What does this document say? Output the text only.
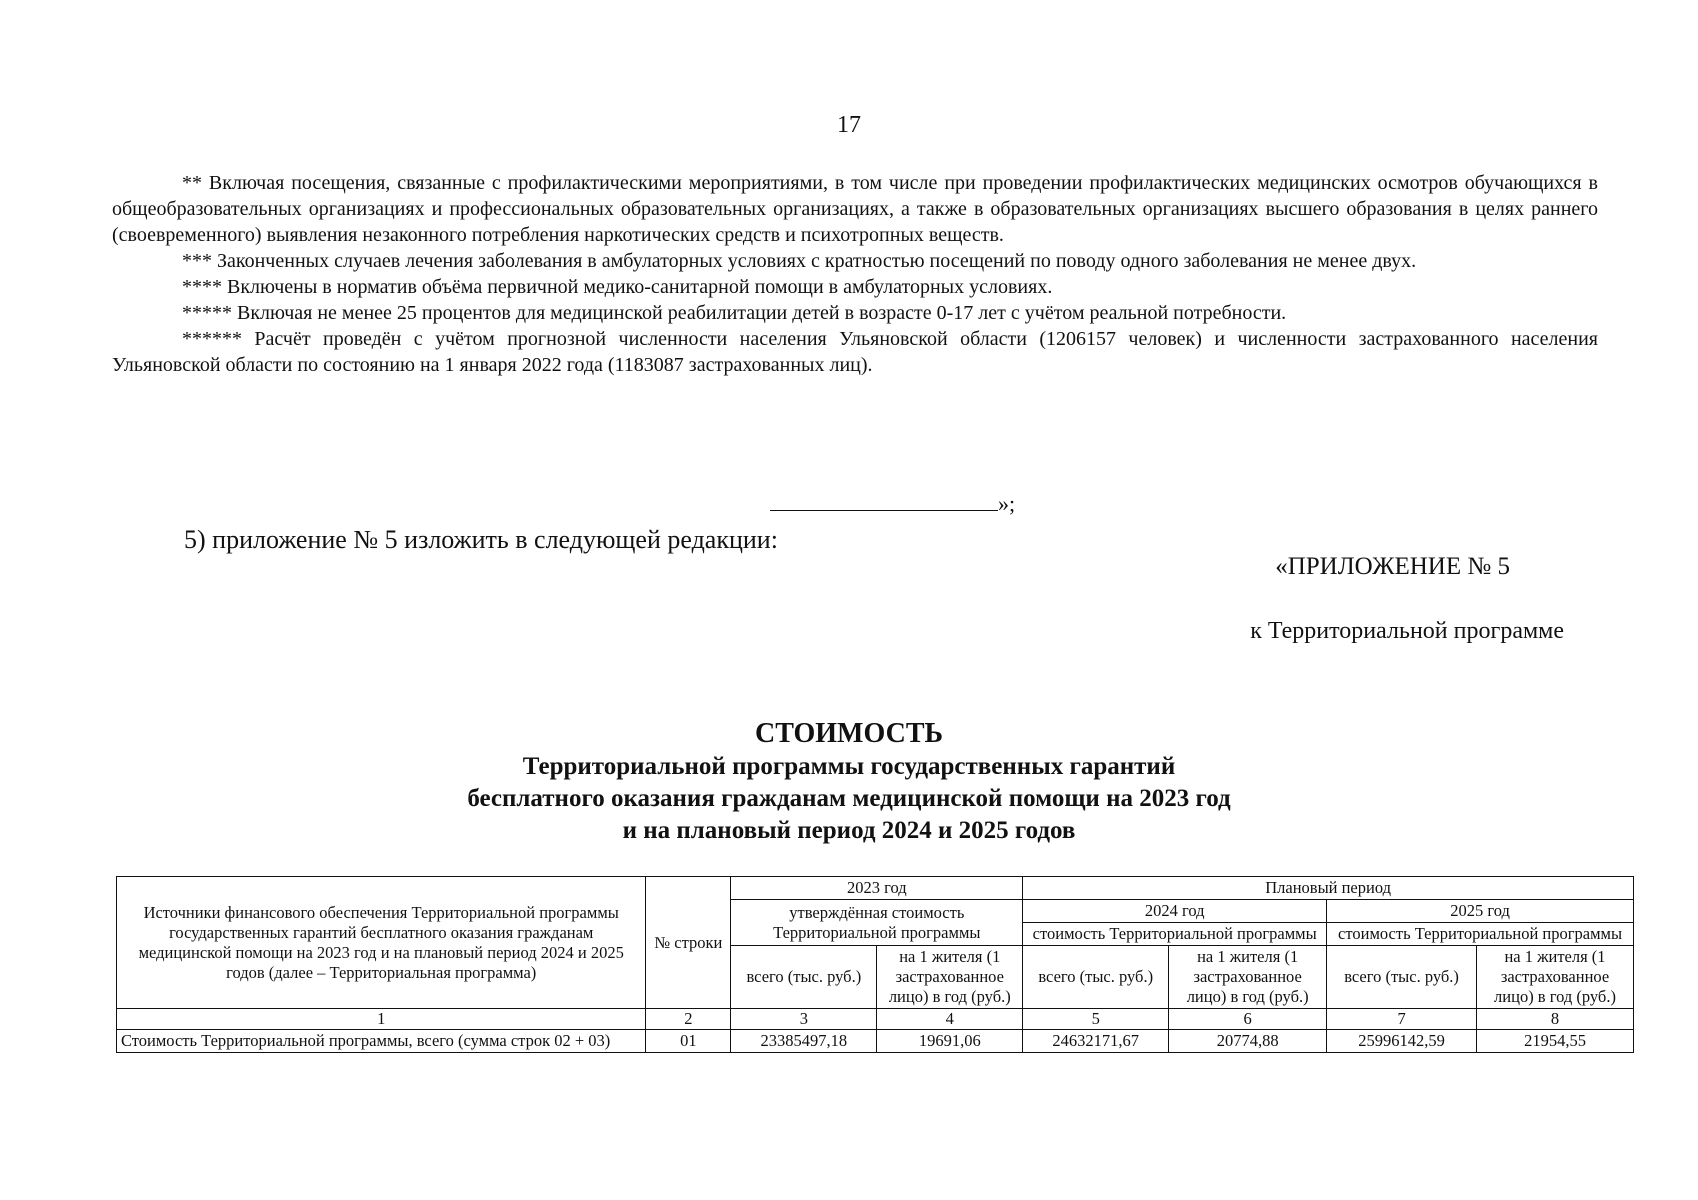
17

** Включая посещения, связанные с профилактическими мероприятиями, в том числе при проведении профилактических медицинских осмотров обучающихся в общеобразовательных организациях и профессиональных образовательных организациях, а также в образовательных организациях высшего образования в целях раннего (своевременного) выявления незаконного потребления наркотических средств и психотропных веществ.

*** Законченных случаев лечения заболевания в амбулаторных условиях с кратностью посещений по поводу одного заболевания не менее двух.

**** Включены в норматив объёма первичной медико-санитарной помощи в амбулаторных условиях.

***** Включая не менее 25 процентов для медицинской реабилитации детей в возрасте 0-17 лет с учётом реальной потребности.

****** Расчёт проведён с учётом прогнозной численности населения Ульяновской области (1206157 человек) и численности застрахованного населения Ульяновской области по состоянию на 1 января 2022 года (1183087 застрахованных лиц).

»;
5) приложение № 5 изложить в следующей редакции:
«ПРИЛОЖЕНИЕ № 5
к Территориальной программе
СТОИМОСТЬ
Территориальной программы государственных гарантий
бесплатного оказания гражданам медицинской помощи на 2023 год
и на плановый период 2024 и 2025 годов
Источники финансового обеспечения Территориальной программы государственных гарантий бесплатного оказания гражданам медицинской помощи на 2023 год и на плановый период 2024 и 2025 годов (далее – Территориальная программа)	№ строки	2023 год		Плановый период			
		утверждённая стоимость Территориальной программы		2024 год		2025 год	
				стоимость Территориальной программы		стоимость Территориальной программы	
		всего (тыс. руб.)	на 1 жителя (1 застрахованное лицо) в год (руб.)	всего (тыс. руб.)	на 1 жителя (1 застрахованное лицо) в год (руб.)	всего (тыс. руб.)	на 1 жителя (1 застрахованное лицо) в год (руб.)
1	2	3	4	5	6	7	8
Стоимость Территориальной программы, всего (сумма строк 02 + 03)	01	23385497,18	19691,06	24632171,67	20774,88	25996142,59	21954,55
